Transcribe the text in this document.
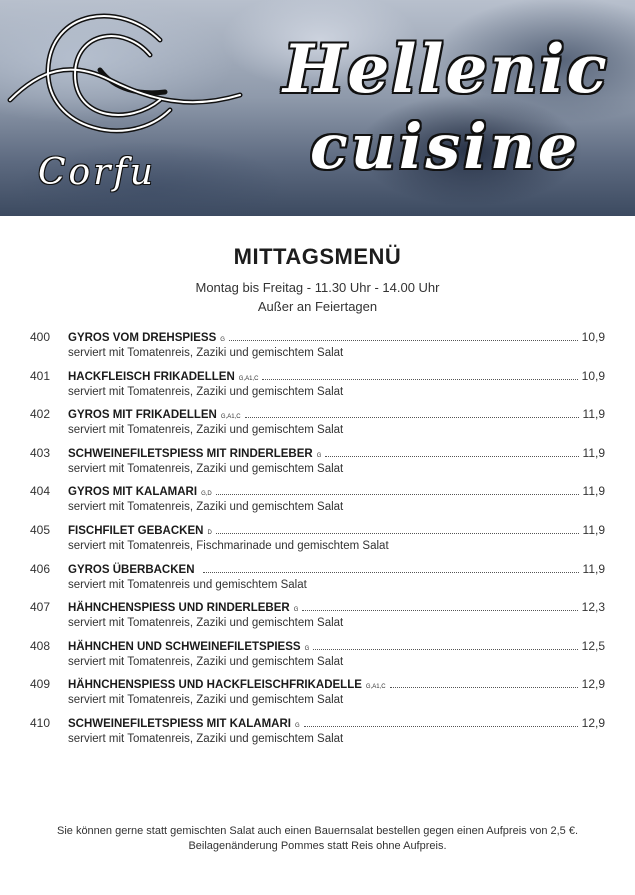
Corfu
Hellenic
cuisine
MITTAGSMENÜ
Montag bis Freitag - 11.30 Uhr - 14.00 Uhr
Außer an Feiertagen
400 GYROS VOM DREHSPIESS G	10,9
serviert mit Tomatenreis, Zaziki und gemischtem Salat
401 HACKFLEISCH FRIKADELLEN G,A1,C	10,9
serviert mit Tomatenreis, Zaziki und gemischtem Salat
402 GYROS MIT FRIKADELLEN G,A1,C	11,9
serviert mit Tomatenreis, Zaziki und gemischtem Salat
403 SCHWEINEFILETSPIESS MIT RINDERLEBER G	11,9
serviert mit Tomatenreis, Zaziki und gemischtem Salat
404 GYROS MIT KALAMARI G,D	11,9
serviert mit Tomatenreis, Zaziki und gemischtem Salat
405 FISCHFILET GEBACKEN D	11,9
serviert mit Tomatenreis, Fischmarinade und gemischtem Salat
406 GYROS ÜBERBACKEN	11,9
serviert mit Tomatenreis und gemischtem Salat
407 HÄHNCHENSPIESS UND RINDERLEBER G	12,3
serviert mit Tomatenreis, Zaziki und gemischtem Salat
408 HÄHNCHEN UND SCHWEINEFILETSPIESS G	12,5
serviert mit Tomatenreis, Zaziki und gemischtem Salat
409 HÄHNCHENSPIESS UND HACKFLEISCHFRIKADELLE G,A1,C	12,9
serviert mit Tomatenreis, Zaziki und gemischtem Salat
410 SCHWEINEFILETSPIESS MIT KALAMARI G	12,9
serviert mit Tomatenreis, Zaziki und gemischtem Salat
Sie können gerne statt gemischten Salat auch einen Bauernsalat bestellen gegen einen Aufpreis von 2,5 €.
Beilagenänderung Pommes statt Reis ohne Aufpreis.
